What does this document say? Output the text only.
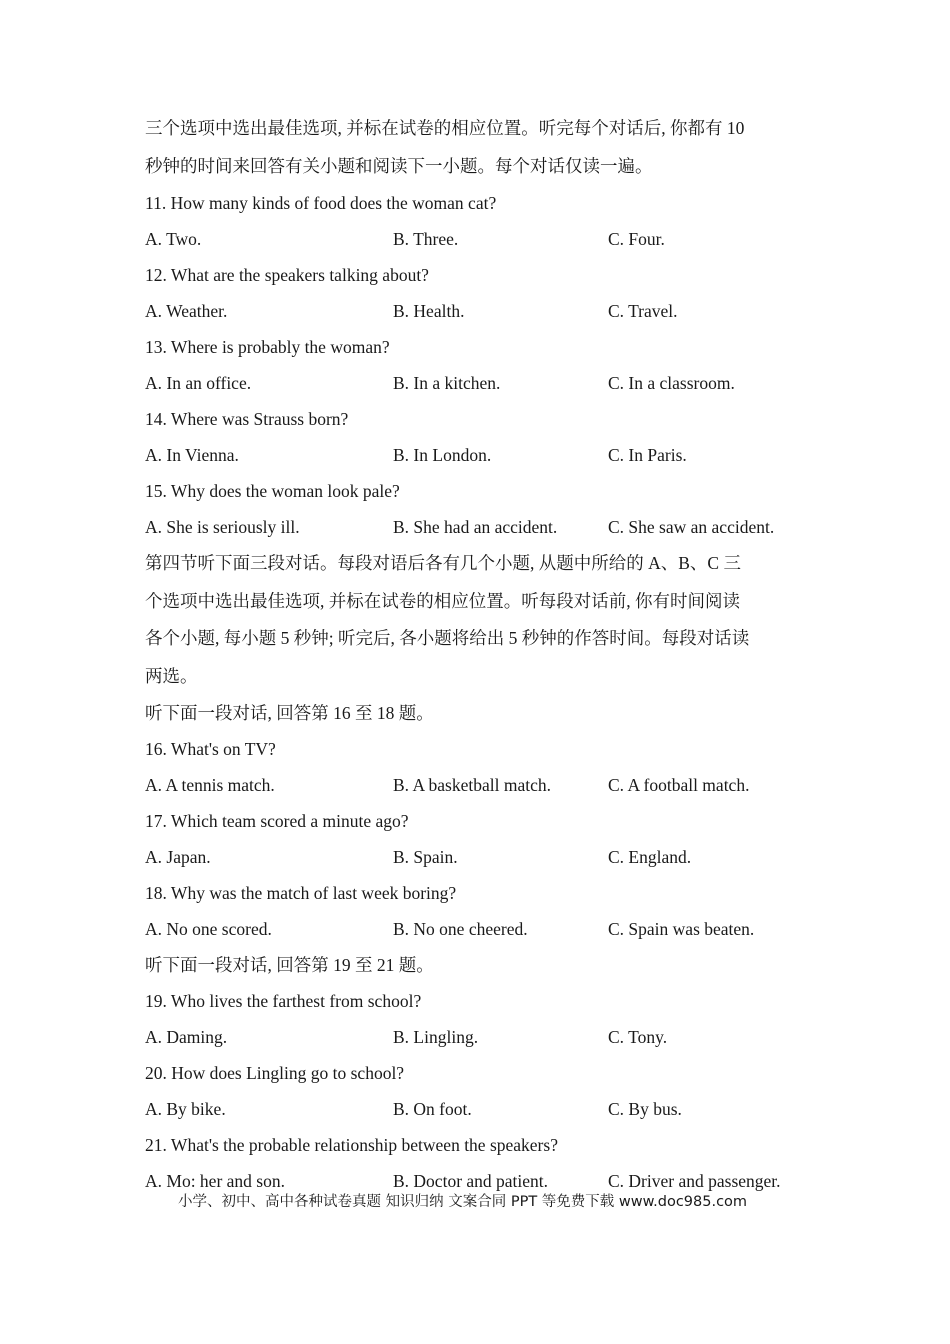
三个选项中选出最佳选项, 并标在试卷的相应位置。听完每个对话后, 你都有 10
秒钟的时间来回答有关小题和阅读下一小题。每个对话仅读一遍。
11. How many kinds of food does the woman cat?
A. Two.	B. Three.	C. Four.
12. What are the speakers talking about?
A. Weather.	B. Health.	C. Travel.
13. Where is probably the woman?
A. In an office.	B. In a kitchen.	C. In a classroom.
14. Where was Strauss born?
A. In Vienna.	B. In London.	C. In Paris.
15. Why does the woman look pale?
A. She is seriously ill.	B. She had an accident.	C. She saw an accident.
第四节听下面三段对话。每段对语后各有几个小题, 从题中所给的 A、B、C 三
个选项中选出最佳选项, 并标在试卷的相应位置。听每段对话前, 你有时间阅读
各个小题, 每小题 5 秒钟; 听完后, 各小题将给出 5 秒钟的作答时间。每段对话读
两选。
听下面一段对话, 回答第 16 至 18 题。
16. What's on TV?
A. A tennis match.	B. A basketball match.	C. A football match.
17. Which team scored a minute ago?
A. Japan.	B. Spain.	C. England.
18. Why was the match of last week boring?
A. No one scored.	B. No one cheered.	C. Spain was beaten.
听下面一段对话, 回答第 19 至 21 题。
19. Who lives the farthest from school?
A. Daming.	B. Lingling.	C. Tony.
20. How does Lingling go to school?
A. By bike.	B. On foot.	C. By bus.
21. What's the probable relationship between the speakers?
A. Mo: her and son.	B. Doctor and patient.	C. Driver and passenger.
小学、初中、高中各种试卷真题 知识归纳 文案合同 PPT 等免费下载 www.doc985.com
